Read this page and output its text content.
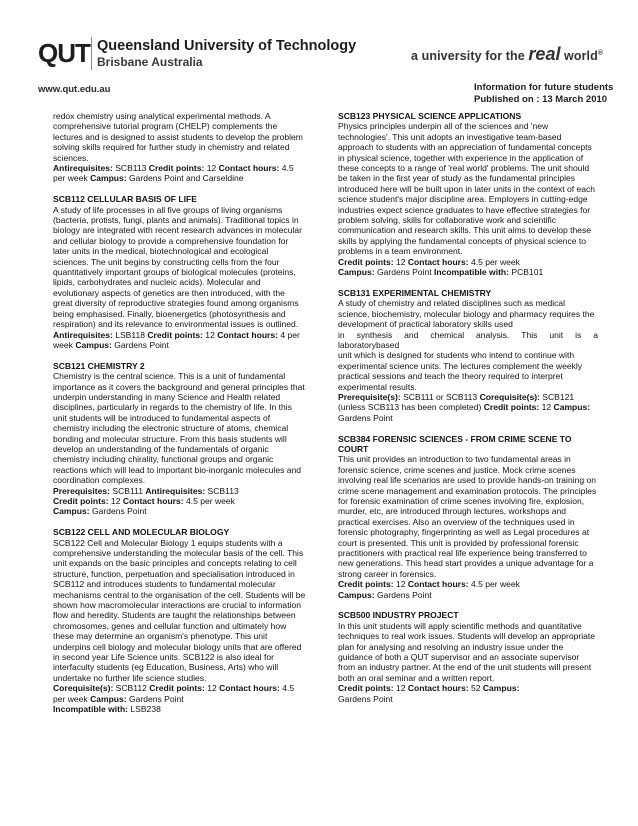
QUT Queensland University of Technology
Brisbane Australia	a university for the real world®
www.qut.edu.au	Information for future students
Published on : 13 March 2010
redox chemistry using analytical experimental methods. A comprehensive tutorial program (CHELP) complements the lectures and is designed to assist students to develop the problem solving skills required for further study in chemistry and related sciences.
Antirequisites: SCB113 Credit points: 12 Contact hours: 4.5 per week Campus: Gardens Point and Carseldine
SCB112 CELLULAR BASIS OF LIFE
A study of life processes in all five groups of living organisms (bacteria, protists, fungi, plants and animals). Traditional topics in biology are integrated with recent research advances in molecular and cellular biology to provide a comprehensive foundation for later units in the medical, biotechnological and ecological sciences. The unit begins by constructing cells from the four quantitatively important groups of biological molecules (proteins, lipids, carbohydrates and nucleic acids). Molecular and evolutionary aspects of genetics are then introduced, with the great diversity of reproductive strategies found among organisms being emphasised. Finally, bioenergetics (photosynthesis and respiration) and its relevance to environmental issues is outlined.
Antirequisites: LSB118 Credit points: 12 Contact hours: 4 per week Campus: Gardens Point
SCB121 CHEMISTRY 2
Chemistry is the central science. This is a unit of fundamental importance as it covers the background and general principles that underpin understanding in many Science and Health related disciplines, particularly in regards to the chemistry of life. In this unit students will be introduced to fundamental aspects of chemistry including the electronic structure of atoms, chemical bonding and molecular structure. From this basis students will develop an understanding of the fundamentals of organic chemistry including chirality, functional groups and organic reactions which will lead to important bio-inorganic molecules and coordination complexes.
Prerequisites: SCB111 Antirequisites: SCB113
Credit points: 12 Contact hours: 4.5 per week
Campus: Gardens Point
SCB122 CELL AND MOLECULAR BIOLOGY
SCB122 Cell and Molecular Biology 1 equips students with a comprehensive understanding the molecular basis of the cell. This unit expands on the basic principles and concepts relating to cell structure, function, perpetuation and specialisation introduced in SCB112 and introduces students to fundamental molecular mechanisms central to the organisation of the cell. Students will be shown how macromolecular interactions are crucial to information flow and heredity. Students are taught the relationships between chromosomes, genes and cellular function and ultimately how these may determine an organism's phenotype. This unit underpins cell biology and molecular biology units that are offered in second year Life Science units. SCB122 is also ideal for interfaculty students (eg Education, Business, Arts) who will undertake no further life science studies.
Corequisite(s): SCB112 Credit points: 12 Contact hours: 4.5 per week Campus: Gardens Point
Incompatible with: LSB238
SCB123 PHYSICAL SCIENCE APPLICATIONS
Physics principles underpin all of the sciences and 'new technologies'. This unit adopts an investigative team-based approach to students with an appreciation of fundamental concepts in physical science, together with experience in the application of these concepts to a range of 'real world' problems. The unit should be taken in the first year of study as the fundamental principles introduced here will be built upon in later units in the context of each science student's major discipline area. Employers in cutting-edge industries expect science graduates to have effective strategies for problem solving, skills for collaborative work and scientific communication and research skills. This unit aims to develop these skills by applying the fundamental concepts of physical science to problems in a team environment.
Credit points: 12 Contact hours: 4.5 per week
Campus: Gardens Point Incompatible with: PCB101
SCB131 EXPERIMENTAL CHEMISTRY
A study of chemistry and related disciplines such as medical science, biochemistry, molecular biology and pharmacy requires the development of practical laboratory skills used
in synthesis and chemical analysis. This unit is a
laboratorybased
unit which is designed for students who intend to continue with experimental science units. The lectures complement the weekly practical sessions and teach the theory required to interpret experimental results.
Prerequisite(s): SCB111 or SCB113 Corequisite(s): SCB121 (unless SCB113 has been completed) Credit points: 12 Campus: Gardens Point
SCB384 FORENSIC SCIENCES - FROM CRIME SCENE TO COURT
This unit provides an introduction to two fundamental areas in forensic science, crime scenes and justice. Mock crime scenes involving real life scenarios are used to provide hands-on training on crime scene management and examination protocols. The principles for forensic examination of crime scenes involving fire, explosion, murder, etc, are introduced through lectures, workshops and practical exercises. Also an overview of the techniques used in forensic photography, fingerprinting as well as Legal procedures at court is presented. This unit is provided by professional forensic practitioners with practical real life experience being transferred to new generations. This head start provides a unique advantage for a strong career in forensics.
Credit points: 12 Contact hours: 4.5 per week
Campus: Gardens Point
SCB500 INDUSTRY PROJECT
In this unit students will apply scientific methods and quantitative techniques to real work issues. Students will develop an appropriate plan for analysing and resolving an industry issue under the guidance of both a QUT supervisor and an associate supervisor from an industry partner. At the end of the unit students will present both an oral seminar and a written report.
Credit points: 12 Contact hours: 52 Campus:
Gardens Point
